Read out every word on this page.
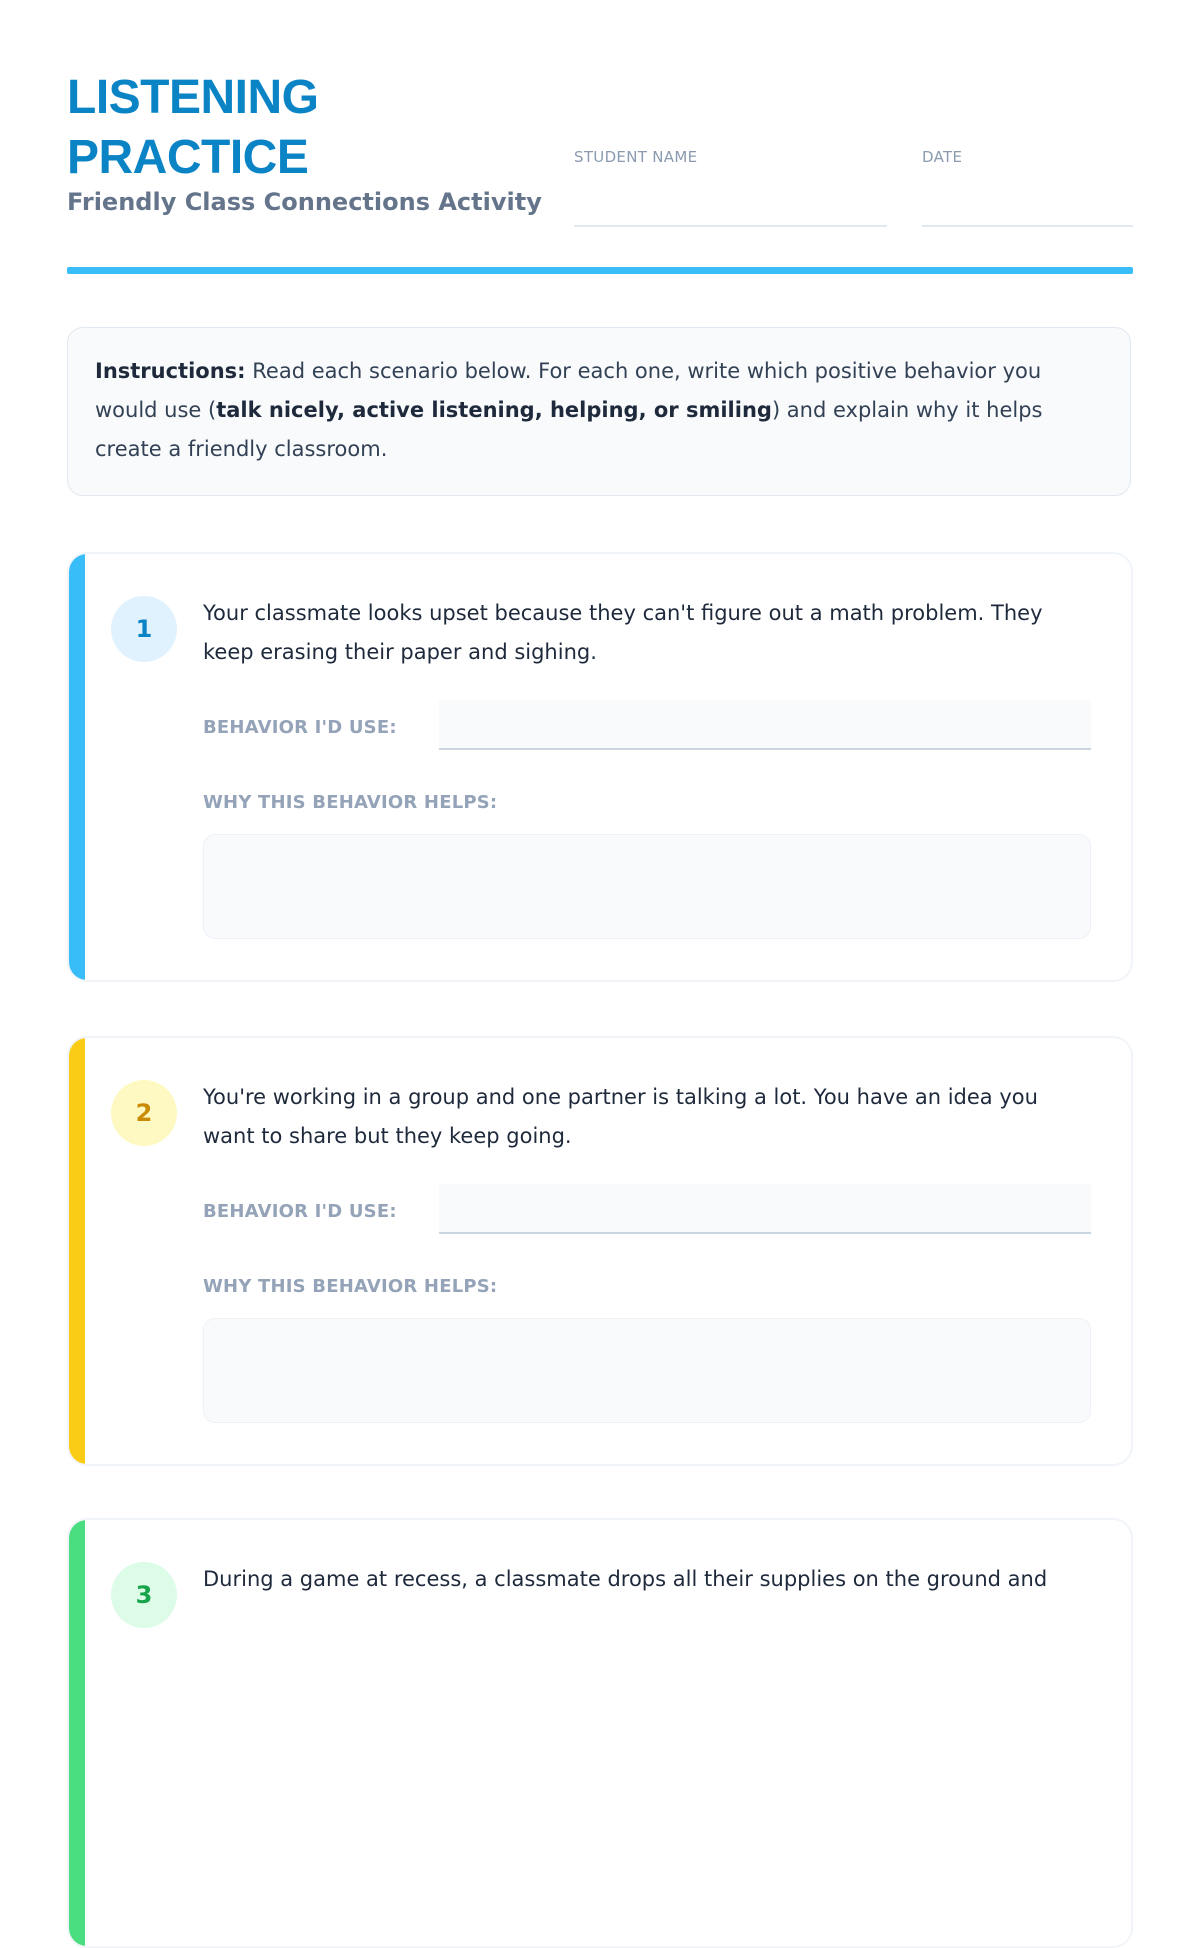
LISTENING
PRACTICE
Friendly Class Connections Activity
STUDENT NAME	DATE
Instructions: Read each scenario below. For each one, write which positive behavior you would use (talk nicely, active listening, helping, or smiling) and explain why it helps create a friendly classroom.
1
Your classmate looks upset because they can't figure out a math problem. They keep erasing their paper and sighing.
BEHAVIOR I'D USE:
WHY THIS BEHAVIOR HELPS:
2
You're working in a group and one partner is talking a lot. You have an idea you want to share but they keep going.
BEHAVIOR I'D USE:
WHY THIS BEHAVIOR HELPS:
3
During a game at recess, a classmate drops all their supplies on the ground and
